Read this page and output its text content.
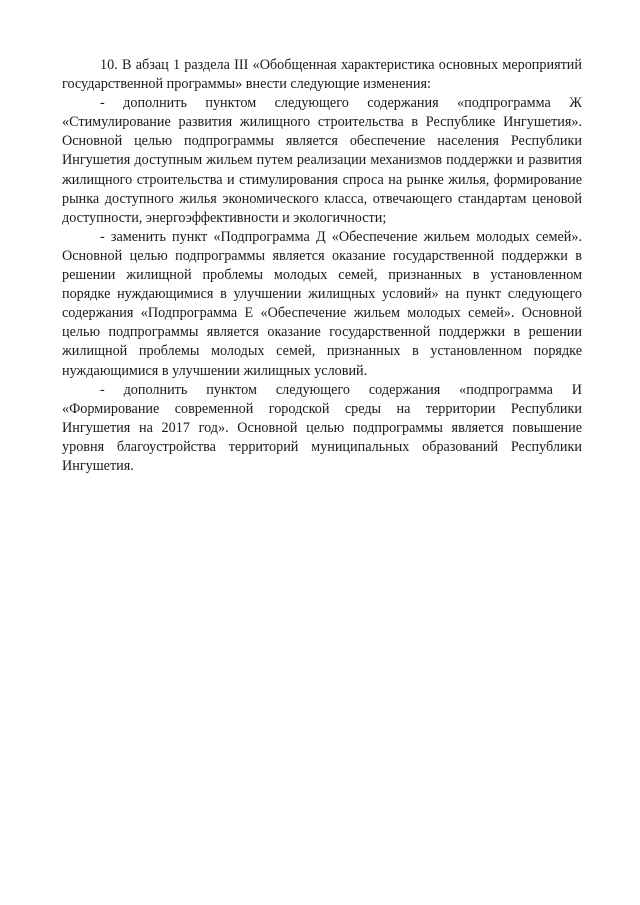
10. В абзац 1 раздела III «Обобщенная характеристика основных мероприятий государственной программы» внести следующие изменения:

- дополнить пунктом следующего содержания «подпрограмма Ж «Стимулирование развития жилищного строительства в Республике Ингушетия». Основной целью подпрограммы является обеспечение населения Республики Ингушетия доступным жильем путем реализации механизмов поддержки и развития жилищного строительства и стимулирования спроса на рынке жилья, формирование рынка доступного жилья экономического класса, отвечающего стандартам ценовой доступности, энергоэффективности и экологичности;

- заменить пункт «Подпрограмма Д «Обеспечение жильем молодых семей». Основной целью подпрограммы является оказание государственной поддержки в решении жилищной проблемы молодых семей, признанных в установленном порядке нуждающимися в улучшении жилищных условий» на пункт следующего содержания «Подпрограмма Е «Обеспечение жильем молодых семей». Основной целью подпрограммы является оказание государственной поддержки в решении жилищной проблемы молодых семей, признанных в установленном порядке нуждающимися в улучшении жилищных условий.

- дополнить пунктом следующего содержания «подпрограмма И «Формирование современной городской среды на территории Республики Ингушетия на 2017 год». Основной целью подпрограммы является повышение уровня благоустройства территорий муниципальных образований Республики Ингушетия.
